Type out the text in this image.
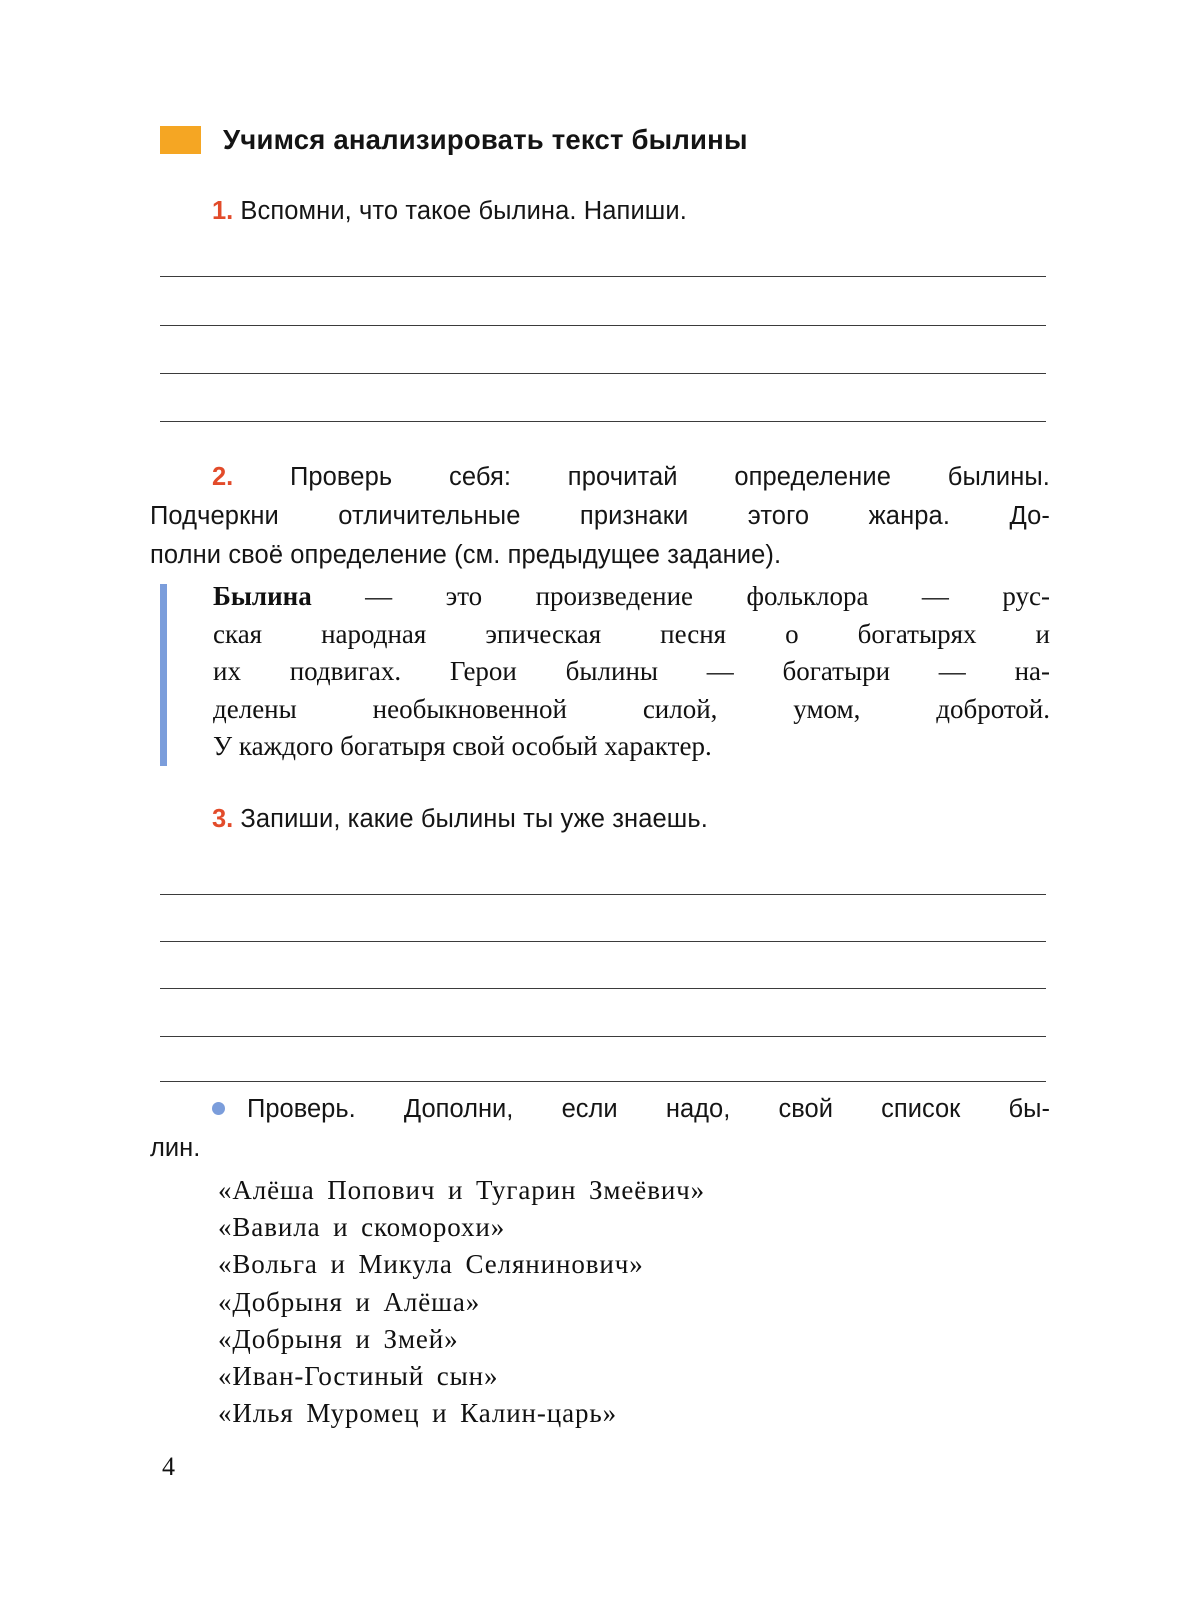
Учимся анализировать текст былины
1. Вспомни, что такое былина. Напиши.
2. Проверь себя: прочитай определение былины.
Подчеркни отличительные признаки этого жанра. До-
полни своё определение (см. предыдущее задание).
3. Запиши, какие былины ты уже знаешь.
Былина — это произведение фольклора — рус-
ская народная эпическая песня о богатырях и
их подвигах. Герои былины — богатыри — на-
делены необыкновенной силой, умом, добротой.
У каждого богатыря свой особый характер.
Проверь. Дополни, если надо, свой список бы-
лин.
«Алёша Попович и Тугарин Змеёвич»
«Вавила и скоморохи»
«Вольга и Микула Селянинович»
«Добрыня и Алёша»
«Добрыня и Змей»
«Иван-Гостиный сын»
«Илья Муромец и Калин-царь»
4
